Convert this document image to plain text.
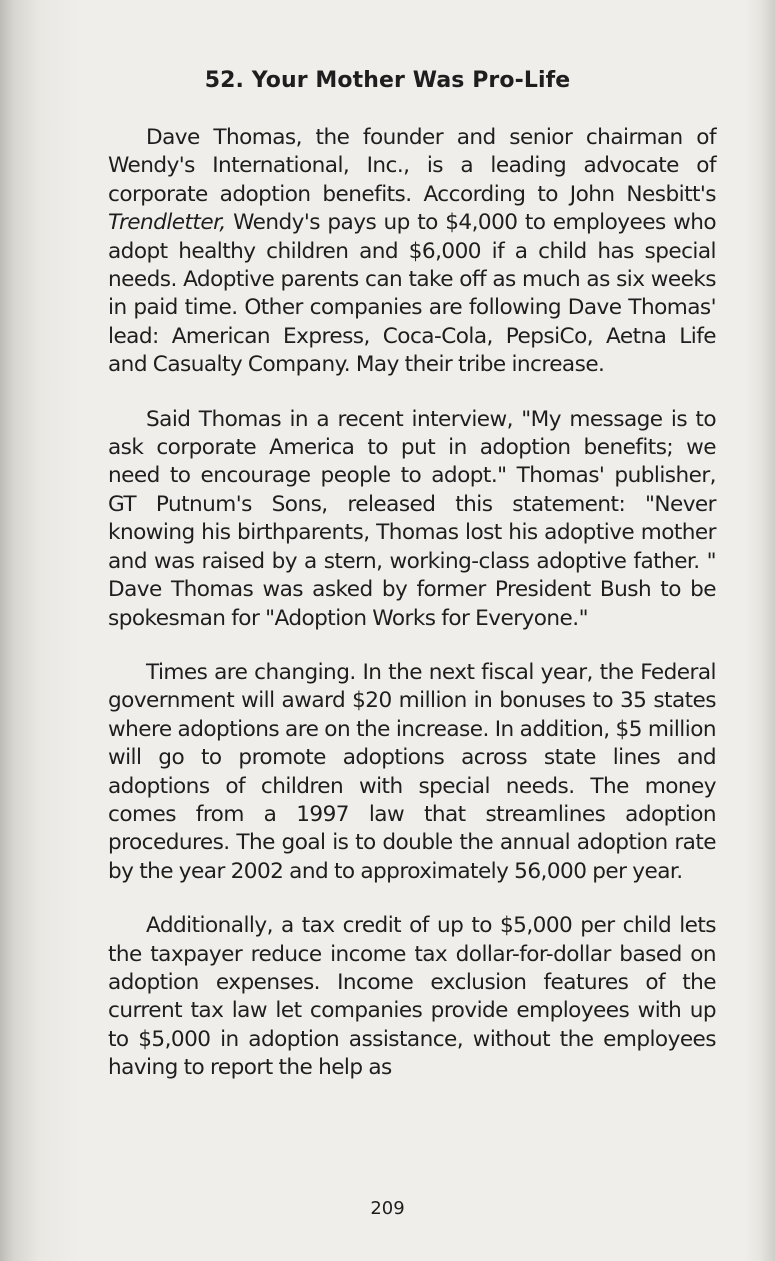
52. Your Mother Was Pro-Life

Dave Thomas, the founder and senior chairman of Wendy's International, Inc., is a leading advocate of corporate adoption benefits. According to John Nesbitt's Trendletter, Wendy's pays up to $4,000 to employees who adopt healthy children and $6,000 if a child has special needs. Adoptive parents can take off as much as six weeks in paid time. Other companies are following Dave Thomas' lead: American Express, Coca-Cola, PepsiCo, Aetna Life and Casualty Company. May their tribe increase.

Said Thomas in a recent interview, "My message is to ask corporate America to put in adoption benefits; we need to encourage people to adopt." Thomas' publisher, GT Putnum's Sons, released this statement: "Never knowing his birthparents, Thomas lost his adoptive mother and was raised by a stern, working-class adoptive father. " Dave Thomas was asked by former President Bush to be spokesman for "Adoption Works for Everyone."

Times are changing. In the next fiscal year, the Federal government will award $20 million in bonuses to 35 states where adoptions are on the increase. In addition, $5 million will go to promote adoptions across state lines and adoptions of children with special needs. The money comes from a 1997 law that streamlines adoption procedures. The goal is to double the annual adoption rate by the year 2002 and to approximately 56,000 per year.

Additionally, a tax credit of up to $5,000 per child lets the taxpayer reduce income tax dollar-for-dollar based on adoption expenses. Income exclusion features of the current tax law let companies provide employees with up to $5,000 in adoption assistance, without the employees having to report the help as

209
